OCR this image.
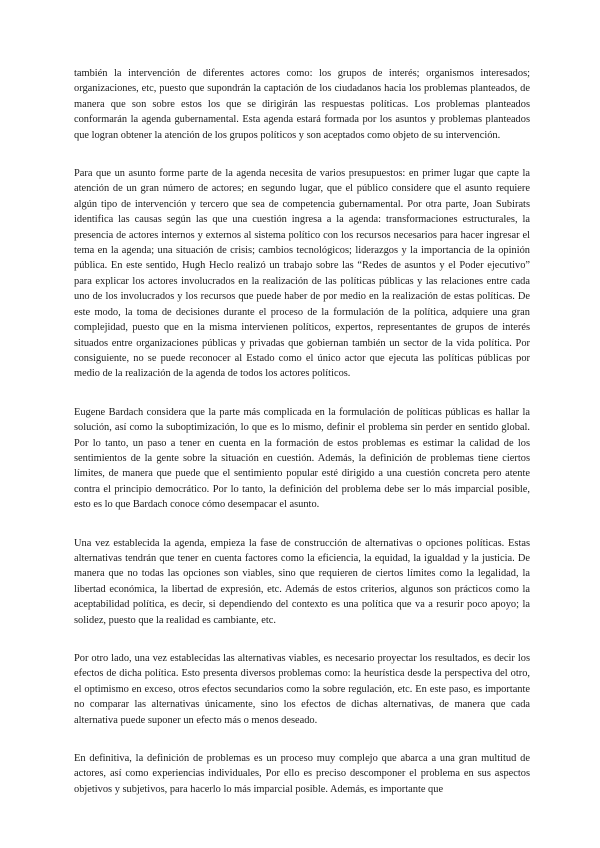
también la intervención de diferentes actores como: los grupos de interés; organismos interesados; organizaciones, etc, puesto que supondrán la captación de los ciudadanos hacia los problemas planteados, de manera que son sobre estos los que se dirigirán las respuestas políticas. Los problemas planteados conformarán la agenda gubernamental. Esta agenda estará formada por los asuntos y problemas planteados que logran obtener la atención de los grupos políticos y son aceptados como objeto de su intervención.

Para que un asunto forme parte de la agenda necesita de varios presupuestos: en primer lugar que capte la atención de un gran número de actores; en segundo lugar, que el público considere que el asunto requiere algún tipo de intervención y tercero que sea de competencia gubernamental. Por otra parte, Joan Subirats identifica las causas según las que una cuestión ingresa a la agenda: transformaciones estructurales, la presencia de actores internos y externos al sistema político con los recursos necesarios para hacer ingresar el tema en la agenda; una situación de crisis; cambios tecnológicos; liderazgos y la importancia de la opinión pública. En este sentido, Hugh Heclo realizó un trabajo sobre las “Redes de asuntos y el Poder ejecutivo” para explicar los actores involucrados en la realización de las políticas públicas y las relaciones entre cada uno de los involucrados y los recursos que puede haber de por medio en la realización de estas políticas. De este modo, la toma de decisiones durante el proceso de la formulación de la política, adquiere una gran complejidad, puesto que en la misma intervienen políticos, expertos, representantes de grupos de interés situados entre organizaciones públicas y privadas que gobiernan también un sector de la vida política. Por consiguiente, no se puede reconocer al Estado como el único actor que ejecuta las políticas públicas por medio de la realización de la agenda de todos los actores políticos.

Eugene Bardach considera que la parte más complicada en la formulación de políticas públicas es hallar la solución, así como la suboptimización, lo que es lo mismo, definir el problema sin perder en sentido global. Por lo tanto, un paso a tener en cuenta en la formación de estos problemas es estimar la calidad de los sentimientos de la gente sobre la situación en cuestión. Además, la definición de problemas tiene ciertos límites, de manera que puede que el sentimiento popular esté dirigido a una cuestión concreta pero atente contra el principio democrático. Por lo tanto, la definición del problema debe ser lo más imparcial posible, esto es lo que Bardach conoce cómo desempacar el asunto.

Una vez establecida la agenda, empieza la fase de construcción de alternativas o opciones políticas. Estas alternativas tendrán que tener en cuenta factores como la eficiencia, la equidad, la igualdad y la justicia. De manera que no todas las opciones son viables, sino que requieren de ciertos límites como la legalidad, la libertad económica, la libertad de expresión, etc. Además de estos criterios, algunos son prácticos como la aceptabilidad política, es decir, si dependiendo del contexto es una política que va a resurir poco apoyo; la solidez, puesto que la realidad es cambiante, etc.

Por otro lado, una vez establecidas las alternativas viables, es necesario proyectar los resultados, es decir los efectos de dicha política. Esto presenta diversos problemas como: la heurística desde la perspectiva del otro, el optimismo en exceso, otros efectos secundarios como la sobre regulación, etc. En este paso, es importante no comparar las alternativas únicamente, sino los efectos de dichas alternativas, de manera que cada alternativa puede suponer un efecto más o menos deseado.

En definitiva, la definición de problemas es un proceso muy complejo que abarca a una gran multitud de actores, así como experiencias individuales, Por ello es preciso descomponer el problema en sus aspectos objetivos y subjetivos, para hacerlo lo más imparcial posible. Además, es importante que
